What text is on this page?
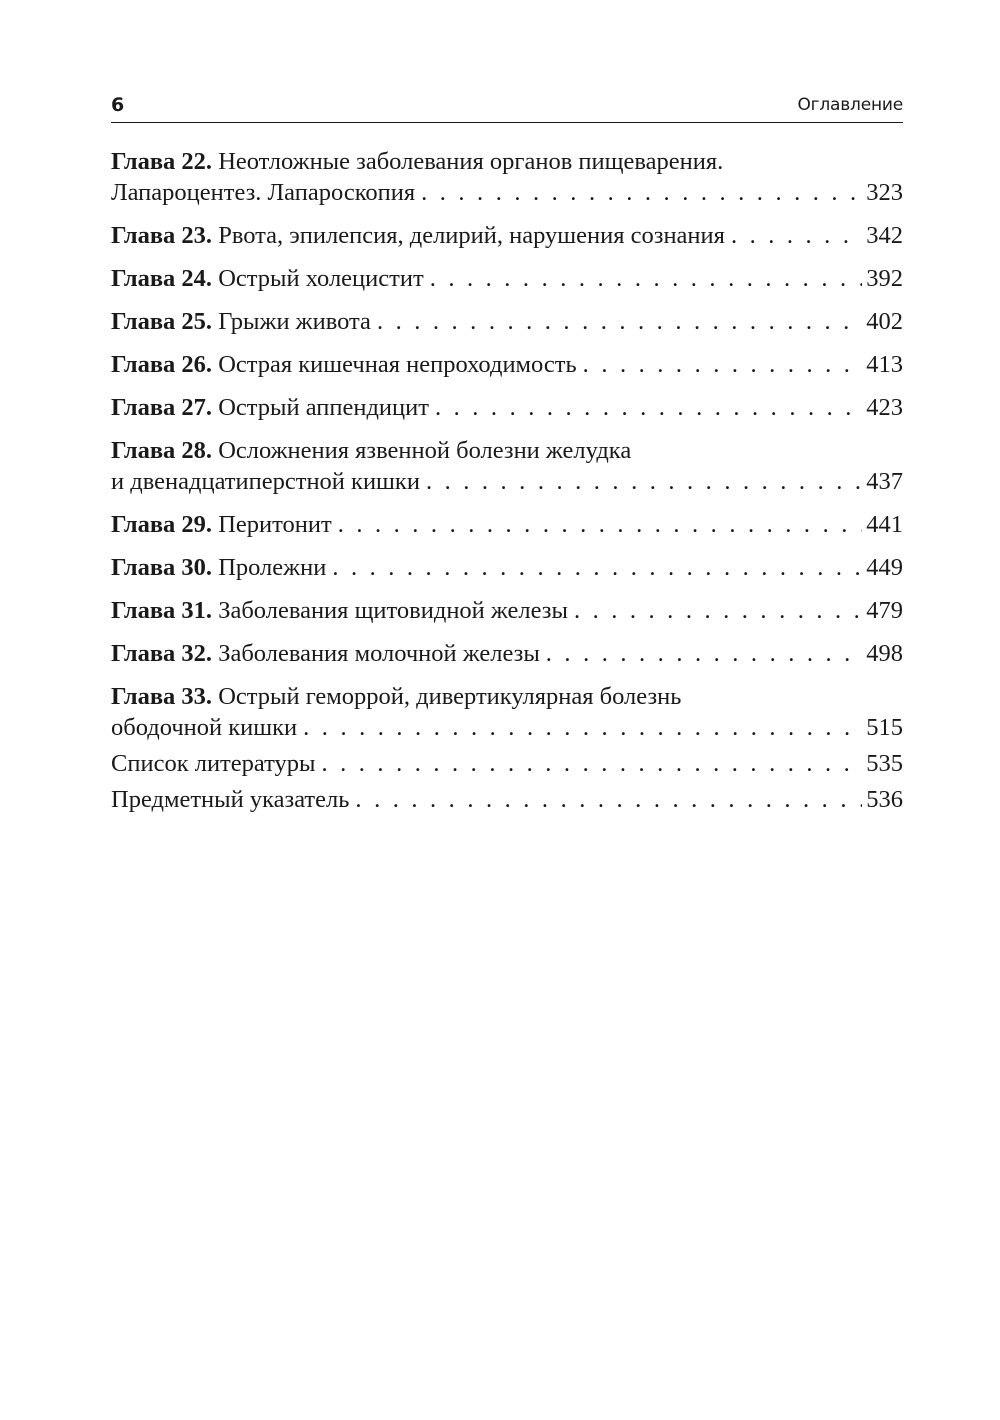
6	Оглавление
Глава 22.
Неотложные заболевания органов пищеварения.
Лапароцентез. Лапароскопия . . .	323
Глава 23.
Рвота, эпилепсия, делирий, нарушения сознания . . .	342
Глава 24.
Острый холецистит . . .	392
Глава 25.
Грыжи живота . . .	402
Глава 26.
Острая кишечная непроходимость . . .	413
Глава 27.
Острый аппендицит . . .	423
Глава 28.
Осложнения язвенной болезни желудка
и двенадцатиперстной кишки . . .	437
Глава 29.
Перитонит . . .	441
Глава 30.
Пролежни . . .	449
Глава 31.
Заболевания щитовидной железы . . .	479
Глава 32.
Заболевания молочной железы . . .	498
Глава 33.
Острый геморрой, дивертикулярная болезнь
ободочной кишки . . .	515
Список литературы . . .	535
Предметный указатель . . .	536
